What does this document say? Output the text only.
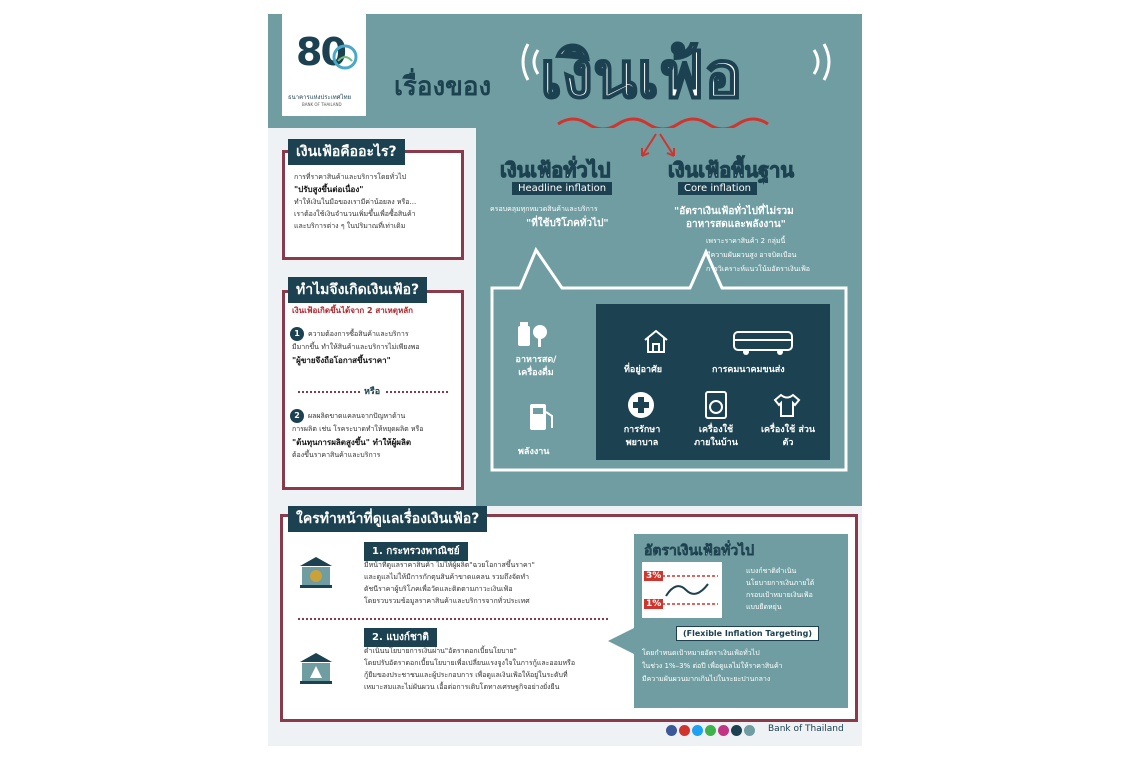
80
ธนาคารแห่งประเทศไทย
BANK OF THAILAND
เรื่องของ เงินเฟ้อ
เงินเฟ้อคืออะไร?
การที่ราคาสินค้าและบริการโดยทั่วไป
"ปรับสูงขึ้นต่อเนื่อง"
ทำให้เงินในมือของเรามีค่าน้อยลง หรือ...
เราต้องใช้เงินจำนวนเพิ่มขึ้นเพื่อซื้อสินค้า
และบริการต่าง ๆ ในปริมาณที่เท่าเดิม
ทำไมจึงเกิดเงินเฟ้อ?
เงินเฟ้อเกิดขึ้นได้จาก 2 สาเหตุหลัก
1	ความต้องการซื้อสินค้าและบริการ
มีมากขึ้น ทำให้สินค้าและบริการไม่เพียงพอ
"ผู้ขายจึงถือโอกาสขึ้นราคา"
หรือ
2	ผลผลิตขาดแคลนจากปัญหาด้าน
การผลิต เช่น โรคระบาดทำให้หยุดผลิต หรือ
"ต้นทุนการผลิตสูงขึ้น" ทำให้ผู้ผลิต
ต้องขึ้นราคาสินค้าและบริการ
เงินเฟ้อทั่วไป
Headline inflation
ครอบคลุมทุกหมวดสินค้าและบริการ
"ที่ใช้บริโภคทั่วไป"
เงินเฟ้อพื้นฐาน
Core inflation
"อัตราเงินเฟ้อทั่วไปที่ไม่รวม
อาหารสดและพลังงาน"
เพราะราคาสินค้า 2 กลุ่มนี้
มีความผันผวนสูง อาจบิดเบือน
การวิเคราะห์แนวโน้มอัตราเงินเฟ้อ
อาหารสด/ เครื่องดื่ม
พลังงาน
ที่อยู่อาศัย	การคมนาคมขนส่ง
การรักษา พยาบาล
เครื่องใช้ ภายในบ้าน
เครื่องใช้ ส่วนตัว
ใครทำหน้าที่ดูแลเรื่องเงินเฟ้อ?
1. กระทรวงพาณิชย์
มีหน้าที่ดูแลราคาสินค้า ไม่ให้ผู้ผลิต"ฉวยโอกาสขึ้นราคา"
และดูแลไม่ให้มีการกักตุนสินค้าขาดแคลน รวมถึงจัดทำ
ดัชนีราคาผู้บริโภคเพื่อวัดและติดตามภาวะเงินเฟ้อ
โดยรวบรวมข้อมูลราคาสินค้าและบริการจากทั่วประเทศ
2. แบงก์ชาติ
ดำเนินนโยบายการเงินผ่าน"อัตราดอกเบี้ยนโยบาย"
โดยปรับอัตราดอกเบี้ยนโยบายเพื่อเปลี่ยนแรงจูงใจในการกู้และออมหรือ
กู้ยืมของประชาชนและผู้ประกอบการ เพื่อดูแลเงินเฟ้อให้อยู่ในระดับที่
เหมาะสมและไม่ผันผวน เอื้อต่อการเติบโตทางเศรษฐกิจอย่างยั่งยืน
อัตราเงินเฟ้อทั่วไป
3%
1%
แบงก์ชาติดำเนิน
นโยบายการเงินภายใต้
กรอบเป้าหมายเงินเฟ้อ
แบบยืดหยุ่น
(Flexible Inflation Targeting)
โดยกำหนดเป้าหมายอัตราเงินเฟ้อทั่วไป
ในช่วง 1%–3% ต่อปี เพื่อดูแลไม่ให้ราคาสินค้า
มีความผันผวนมากเกินไปในระยะปานกลาง
Bank of Thailand
